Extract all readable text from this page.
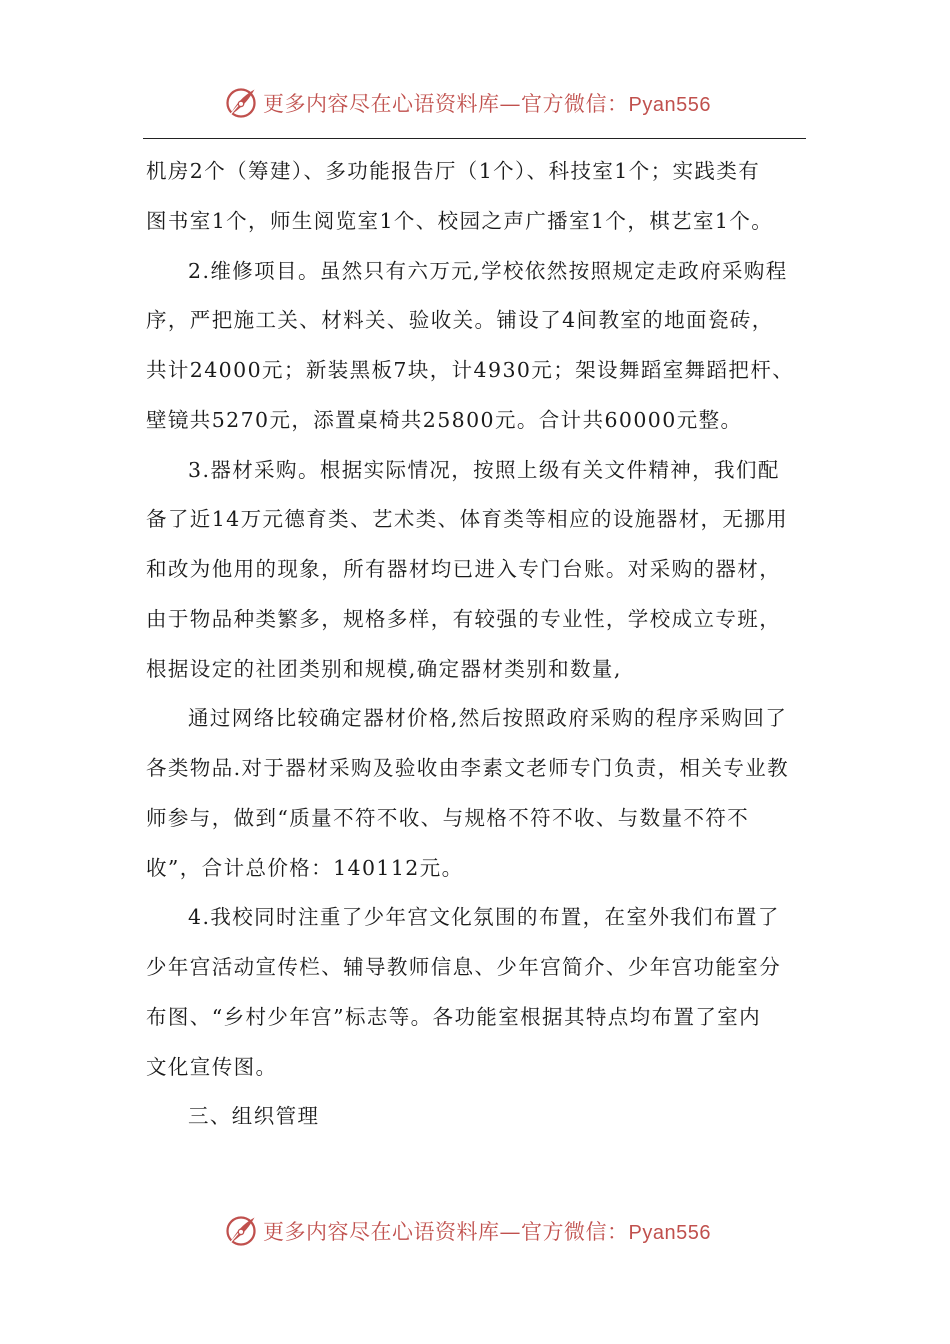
更多内容尽在心语资料库—官方微信：Pyan556
机房2个（筹建）、多功能报告厅（1个）、科技室1个；实践类有
图书室1个，师生阅览室1个、校园之声广播室1个，棋艺室1个。
2.维修项目。虽然只有六万元,学校依然按照规定走政府采购程
序，严把施工关、材料关、验收关。铺设了4间教室的地面瓷砖，
共计24000元；新装黑板7块，计4930元；架设舞蹈室舞蹈把杆、
壁镜共5270元，添置桌椅共25800元。合计共60000元整。
3.器材采购。根据实际情况，按照上级有关文件精神，我们配
备了近14万元德育类、艺术类、体育类等相应的设施器材，无挪用
和改为他用的现象，所有器材均已进入专门台账。对采购的器材，
由于物品种类繁多，规格多样，有较强的专业性，学校成立专班，
根据设定的社团类别和规模,确定器材类别和数量,
通过网络比较确定器材价格,然后按照政府采购的程序采购回了
各类物品.对于器材采购及验收由李素文老师专门负责，相关专业教
师参与，做到“质量不符不收、与规格不符不收、与数量不符不
收”，合计总价格：140112元。
4.我校同时注重了少年宫文化氛围的布置，在室外我们布置了
少年宫活动宣传栏、辅导教师信息、少年宫简介、少年宫功能室分
布图、“乡村少年宫”标志等。各功能室根据其特点均布置了室内
文化宣传图。
三、组织管理
更多内容尽在心语资料库—官方微信：Pyan556
